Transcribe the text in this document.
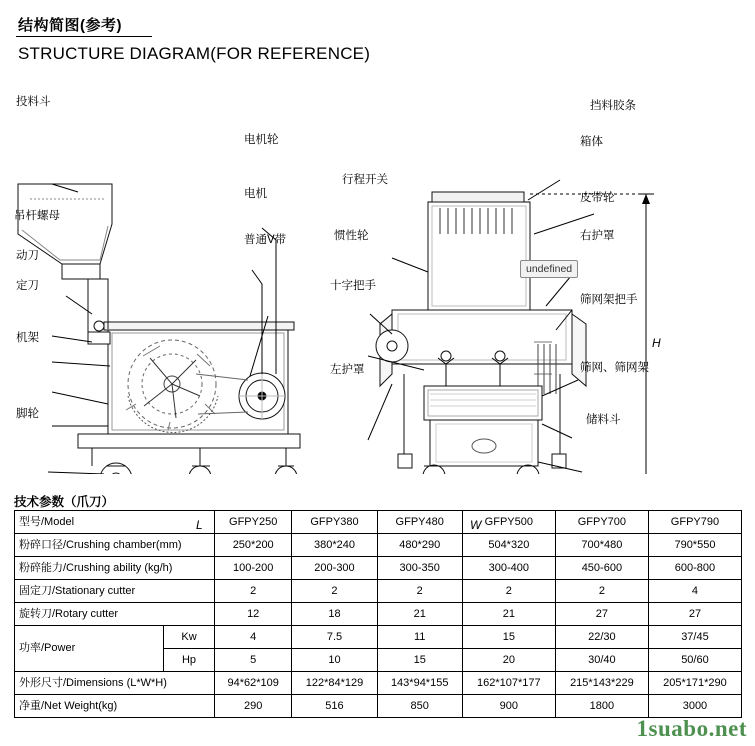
结构简图(参考)
STRUCTURE DIAGRAM(FOR REFERENCE)
投料斗
吊杆螺母
动刀
定刀
机架
脚轮
电机轮
电机
普通V带
行程开关
惯性轮
十字把手
左护罩
挡料胶条
箱体
皮带轮
右护罩
筛网架把手
筛网、筛网架
储料斗
undefined
L	W
H
技术参数（爪刀）
型号/Model		GFPY250	GFPY380	GFPY480	GFPY500	GFPY700	GFPY790
粉碎口径/Crushing chamber(mm)		250*200	380*240	480*290	504*320	700*480	790*550
粉碎能力/Crushing ability (kg/h)		100-200	200-300	300-350	300-400	450-600	600-800
固定刀/Stationary cutter		2	2	2	2	2	4
旋转刀/Rotary cutter		12	18	21	21	27	27
功率/Power	Kw	4	7.5	11	15	22/30	37/45
	Hp	5	10	15	20	30/40	50/60
外形尺寸/Dimensions (L*W*H)		94*62*109	122*84*129	143*94*155	162*107*177	215*143*229	205*171*290
净重/Net Weight(kg)		290	516	850	900	1800	3000
1suabo.net
